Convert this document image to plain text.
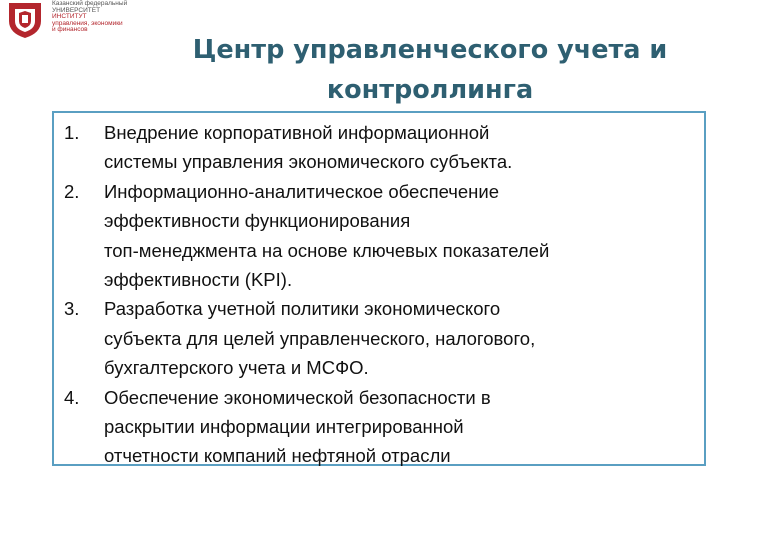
Казанский федеральный
УНИВЕРСИТЕТ
ИНСТИТУТ
управления, экономики
и финансов
Центр управленческого учета и
контроллинга
1. Внедрение корпоративной информационной
системы управления экономического субъекта.
2. Информационно-аналитическое обеспечение
эффективности функционирования
топ-менеджмента на основе ключевых показателей
эффективности (KPI).
3. Разработка учетной политики экономического
субъекта для целей управленческого, налогового,
бухгалтерского учета и МСФО.
4. Обеспечение экономической безопасности в
раскрытии информации интегрированной
отчетности компаний нефтяной отрасли
